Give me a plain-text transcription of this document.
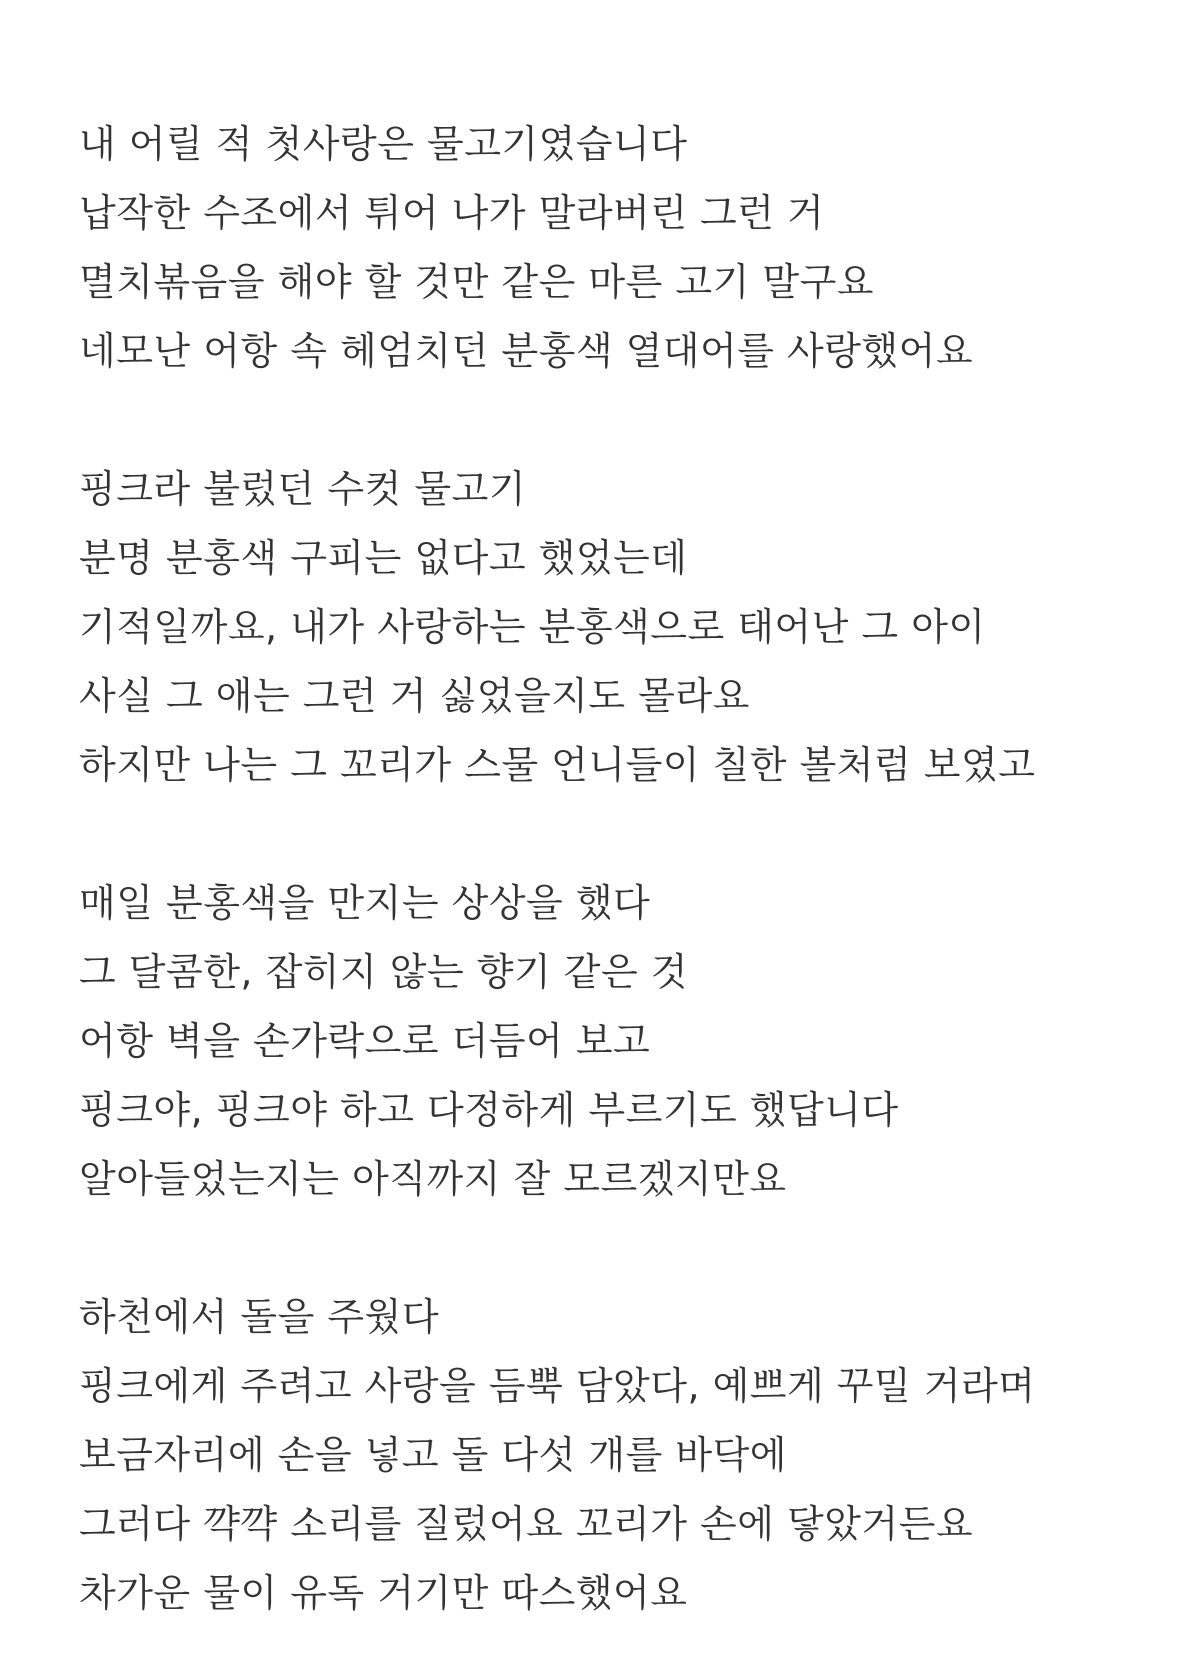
내 어릴 적 첫사랑은 물고기였습니다
납작한 수조에서 튀어 나가 말라버린 그런 거
멸치볶음을 해야 할 것만 같은 마른 고기 말구요
네모난 어항 속 헤엄치던 분홍색 열대어를 사랑했어요
핑크라 불렀던 수컷 물고기
분명 분홍색 구피는 없다고 했었는데
기적일까요, 내가 사랑하는 분홍색으로 태어난 그 아이
사실 그 애는 그런 거 싫었을지도 몰라요
하지만 나는 그 꼬리가 스물 언니들이 칠한 볼처럼 보였고
매일 분홍색을 만지는 상상을 했다
그 달콤한, 잡히지 않는 향기 같은 것
어항 벽을 손가락으로 더듬어 보고
핑크야, 핑크야 하고 다정하게 부르기도 했답니다
알아들었는지는 아직까지 잘 모르겠지만요
하천에서 돌을 주웠다
핑크에게 주려고 사랑을 듬뿍 담았다, 예쁘게 꾸밀 거라며
보금자리에 손을 넣고 돌 다섯 개를 바닥에
그러다 꺅꺅 소리를 질렀어요 꼬리가 손에 닿았거든요
차가운 물이 유독 거기만 따스했어요
